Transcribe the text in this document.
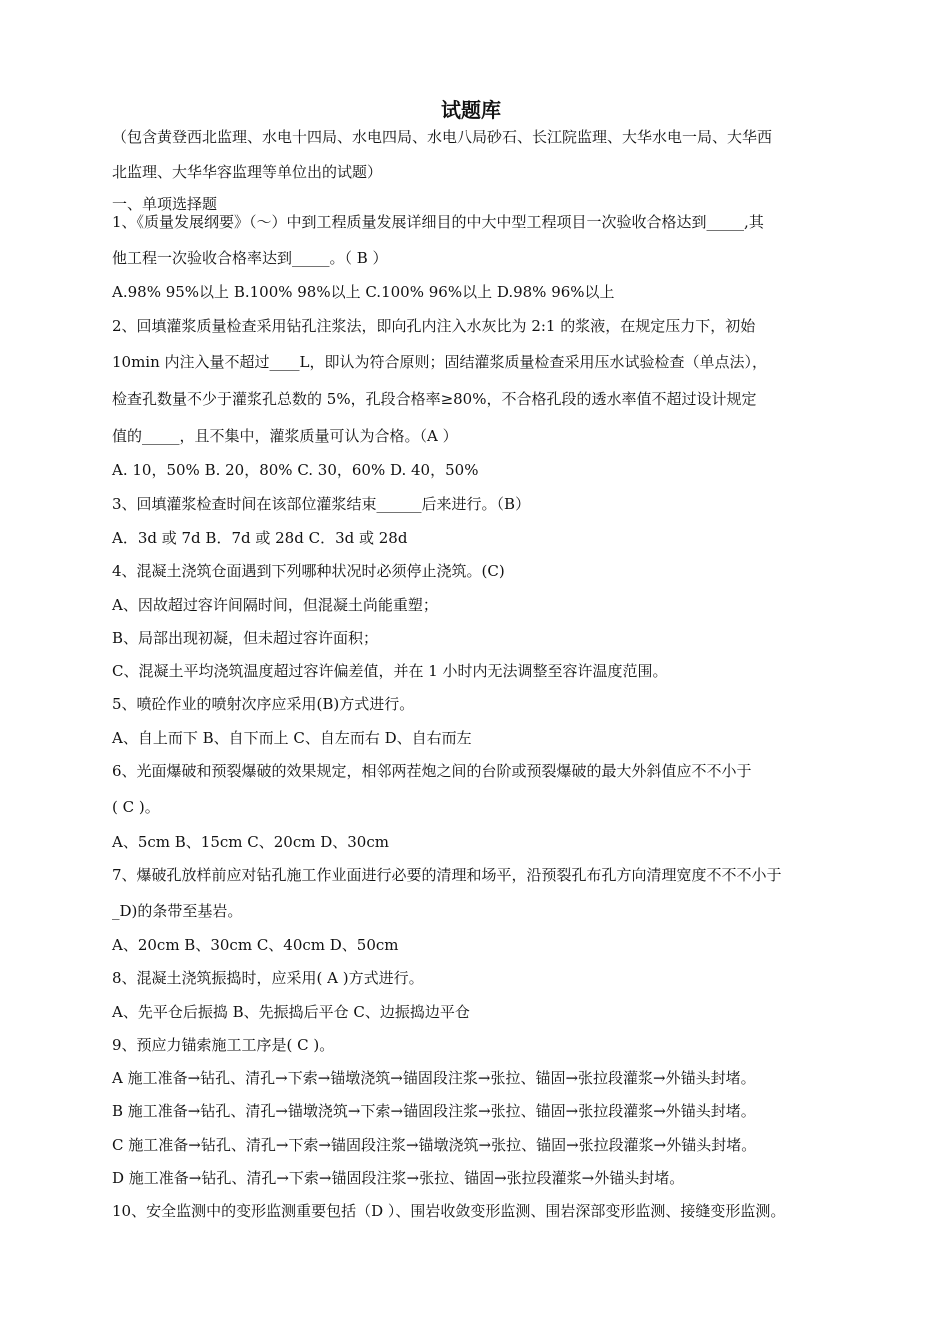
试题库
（包含黄登西北监理、水电十四局、水电四局、水电八局砂石、长江院监理、大华水电一局、大华西
北监理、大华华容监理等单位出的试题）
一、单项选择题
1、《质量发展纲要》（～）中到工程质量发展详细目的中大中型工程项目一次验收合格达到_____,其
他工程一次验收合格率达到_____。（ B ）
A.98% 95%以上 B.100% 98%以上 C.100% 96%以上 D.98% 96%以上
2、回填灌浆质量检查采用钻孔注浆法，即向孔内注入水灰比为 2:1 的浆液，在规定压力下，初始
10min 内注入量不超过____L，即认为符合原则；固结灌浆质量检查采用压水试验检查（单点法），
检查孔数量不少于灌浆孔总数的 5%，孔段合格率≥80%，不合格孔段的透水率值不超过设计规定
值的_____，且不集中，灌浆质量可认为合格。（A ）
A. 10，50% B. 20，80% C. 30，60% D. 40，50%
3、回填灌浆检查时间在该部位灌浆结束______后来进行。（B）
A．3d 或 7d B．7d 或 28d C．3d 或 28d
4、混凝土浇筑仓面遇到下列哪种状况时必须停止浇筑。(C)
A、因故超过容许间隔时间，但混凝土尚能重塑；
B、局部出现初凝，但未超过容许面积；
C、混凝土平均浇筑温度超过容许偏差值，并在 1 小时内无法调整至容许温度范围。
5、喷砼作业的喷射次序应采用(B)方式进行。
A、自上而下 B、自下而上 C、自左而右 D、自右而左
6、光面爆破和预裂爆破的效果规定，相邻两茬炮之间的台阶或预裂爆破的最大外斜值应不不小于
( C )。
A、5cm B、15cm C、20cm D、30cm
7、爆破孔放样前应对钻孔施工作业面进行必要的清理和场平，沿预裂孔布孔方向清理宽度不不不小于
_D)的条带至基岩。
A、20cm B、30cm C、40cm D、50cm
8、混凝土浇筑振捣时，应采用( A )方式进行。
A、先平仓后振捣 B、先振捣后平仓 C、边振捣边平仓
9、预应力锚索施工工序是( C )。
A 施工准备→钻孔、清孔→下索→锚墩浇筑→锚固段注浆→张拉、锚固→张拉段灌浆→外锚头封堵。
B 施工准备→钻孔、清孔→锚墩浇筑→下索→锚固段注浆→张拉、锚固→张拉段灌浆→外锚头封堵。
C 施工准备→钻孔、清孔→下索→锚固段注浆→锚墩浇筑→张拉、锚固→张拉段灌浆→外锚头封堵。
D 施工准备→钻孔、清孔→下索→锚固段注浆→张拉、锚固→张拉段灌浆→外锚头封堵。
10、安全监测中的变形监测重要包括（D ）、围岩收敛变形监测、围岩深部变形监测、接缝变形监测。
